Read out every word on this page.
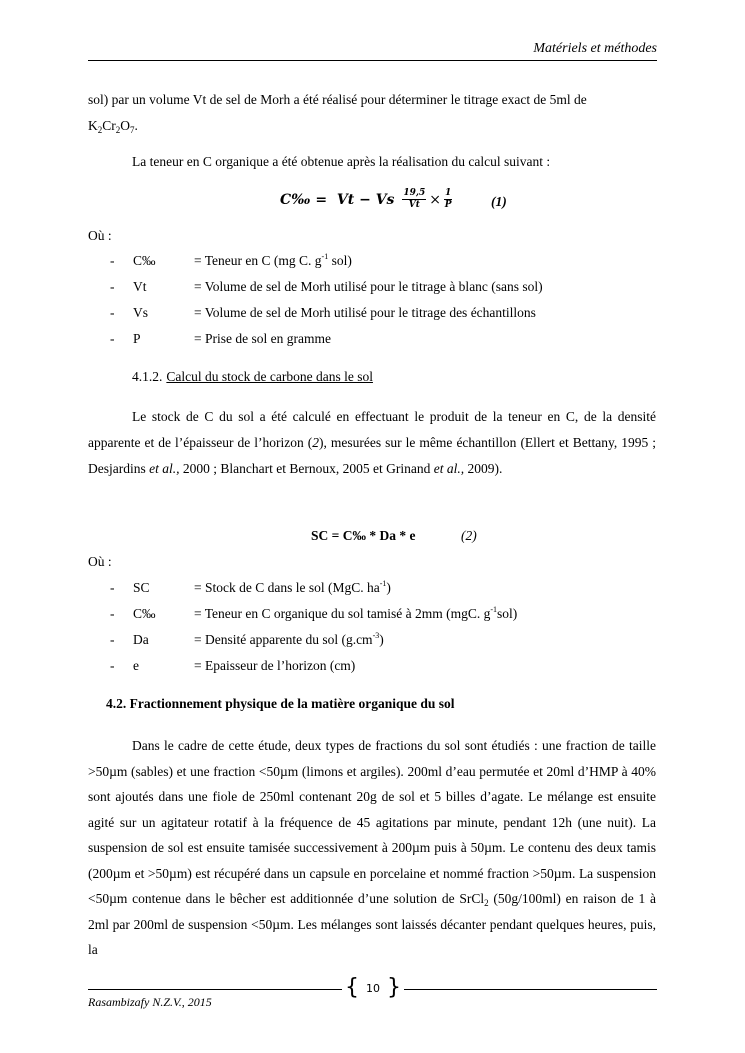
Matériels et méthodes

sol) par un volume Vt de sel de Morh a été réalisé pour déterminer le titrage exact de 5ml de
$K_2Cr_2O_7$.

La teneur en C organique a été obtenue après la réalisation du calcul suivant :

C‰ =
Vt − Vs
$\frac{19,5}{Vt} \times \frac{1}{P}$	(1)
Où :
- C‰	= Teneur en C (mg C. $g^{-1}$ sol)
- Vt	= Volume de sel de Morh utilisé pour le titrage à blanc (sans sol)
- Vs	= Volume de sel de Morh utilisé pour le titrage des échantillons
- P	= Prise de sol en gramme
4.1.2. Calcul du stock de carbone dans le sol

Le stock de C du sol a été calculé en effectuant le produit de la teneur en C, de la densité apparente et de l’épaisseur de l’horizon (2), mesurées sur le même échantillon (Ellert et Bettany, 1995 ; Desjardins et al., 2000 ; Blanchart et Bernoux, 2005 et Grinand et al., 2009).

SC = C‰ * Da * e	(2)
Où :
- SC	= Stock de C dans le sol (MgC. $ha^{-1}$)
- C‰	= Teneur en C organique du sol tamisé à 2mm (mgC. $g^{-1}sol$)
- Da	= Densité apparente du sol $(g.cm^{-3})$
- e	= Epaisseur de l’horizon (cm)
4.2. Fractionnement physique de la matière organique du sol

Dans le cadre de cette étude, deux types de fractions du sol sont étudiés : une fraction de taille >50µm (sables) et une fraction <50µm (limons et argiles). 200ml d’eau permutée et 20ml d’HMP à 40% sont ajoutés dans une fiole de 250ml contenant 20g de sol et 5 billes d’agate. Le mélange est ensuite agité sur un agitateur rotatif à la fréquence de 45 agitations par minute, pendant 12h (une nuit). La suspension de sol est ensuite tamisée successivement à 200µm puis à 50µm. Le contenu des deux tamis (200µm et >50µm) est récupéré dans un capsule en porcelaine et nommé fraction >50µm. La suspension <50µm contenue dans le bêcher est additionnée d’une solution de SrCl$_2$ (50g/100ml) en raison de 1 à 2ml par 200ml de suspension <50µm. Les mélanges sont laissés décanter pendant quelques heures, puis, la

{ 10 }
Rasambizafy N.Z.V., 2015
